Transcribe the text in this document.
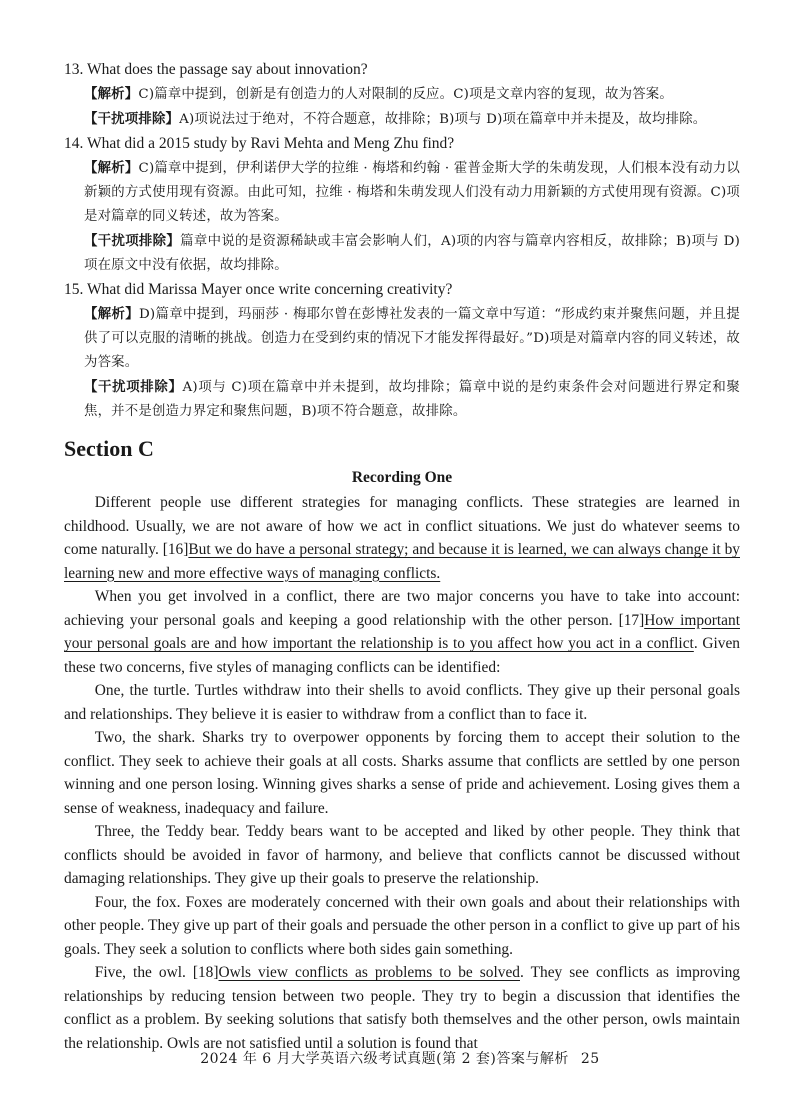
13. What does the passage say about innovation?

【解析】C)篇章中提到，创新是有创造力的人对限制的反应。C)项是文章内容的复现，故为答案。

【干扰项排除】A)项说法过于绝对，不符合题意，故排除；B)项与 D)项在篇章中并未提及，故均排除。

14. What did a 2015 study by Ravi Mehta and Meng Zhu find?

【解析】C)篇章中提到，伊利诺伊大学的拉维 · 梅塔和约翰 · 霍普金斯大学的朱萌发现，人们根本没有动力以新颖的方式使用现有资源。由此可知，拉维 · 梅塔和朱萌发现人们没有动力用新颖的方式使用现有资源。C)项是对篇章的同义转述，故为答案。

【干扰项排除】篇章中说的是资源稀缺或丰富会影响人们，A)项的内容与篇章内容相反，故排除；B)项与 D)项在原文中没有依据，故均排除。

15. What did Marissa Mayer once write concerning creativity?

【解析】D)篇章中提到，玛丽莎 · 梅耶尔曾在彭博社发表的一篇文章中写道：“形成约束并聚焦问题，并且提供了可以克服的清晰的挑战。创造力在受到约束的情况下才能发挥得最好。”D)项是对篇章内容的同义转述，故为答案。

【干扰项排除】A)项与 C)项在篇章中并未提到，故均排除；篇章中说的是约束条件会对问题进行界定和聚焦，并不是创造力界定和聚焦问题，B)项不符合题意，故排除。

Section C
Recording One

Different people use different strategies for managing conflicts. These strategies are learned in childhood. Usually, we are not aware of how we act in conflict situations. We just do whatever seems to come naturally. [16]But we do have a personal strategy; and because it is learned, we can always change it by learning new and more effective ways of managing conflicts.

When you get involved in a conflict, there are two major concerns you have to take into account: achieving your personal goals and keeping a good relationship with the other person. [17]How important your personal goals are and how important the relationship is to you affect how you act in a conflict. Given these two concerns, five styles of managing conflicts can be identified:

One, the turtle. Turtles withdraw into their shells to avoid conflicts. They give up their personal goals and relationships. They believe it is easier to withdraw from a conflict than to face it.

Two, the shark. Sharks try to overpower opponents by forcing them to accept their solution to the conflict. They seek to achieve their goals at all costs. Sharks assume that conflicts are settled by one person winning and one person losing. Winning gives sharks a sense of pride and achievement. Losing gives them a sense of weakness, inadequacy and failure.

Three, the Teddy bear. Teddy bears want to be accepted and liked by other people. They think that conflicts should be avoided in favor of harmony, and believe that conflicts cannot be discussed without damaging relationships. They give up their goals to preserve the relationship.

Four, the fox. Foxes are moderately concerned with their own goals and about their relationships with other people. They give up part of their goals and persuade the other person in a conflict to give up part of his goals. They seek a solution to conflicts where both sides gain something.

Five, the owl. [18]Owls view conflicts as problems to be solved. They see conflicts as improving relationships by reducing tension between two people. They try to begin a discussion that identifies the conflict as a problem. By seeking solutions that satisfy both themselves and the other person, owls maintain the relationship. Owls are not satisfied until a solution is found that

2024 年 6 月大学英语六级考试真题(第 2 套)答案与解析 25
